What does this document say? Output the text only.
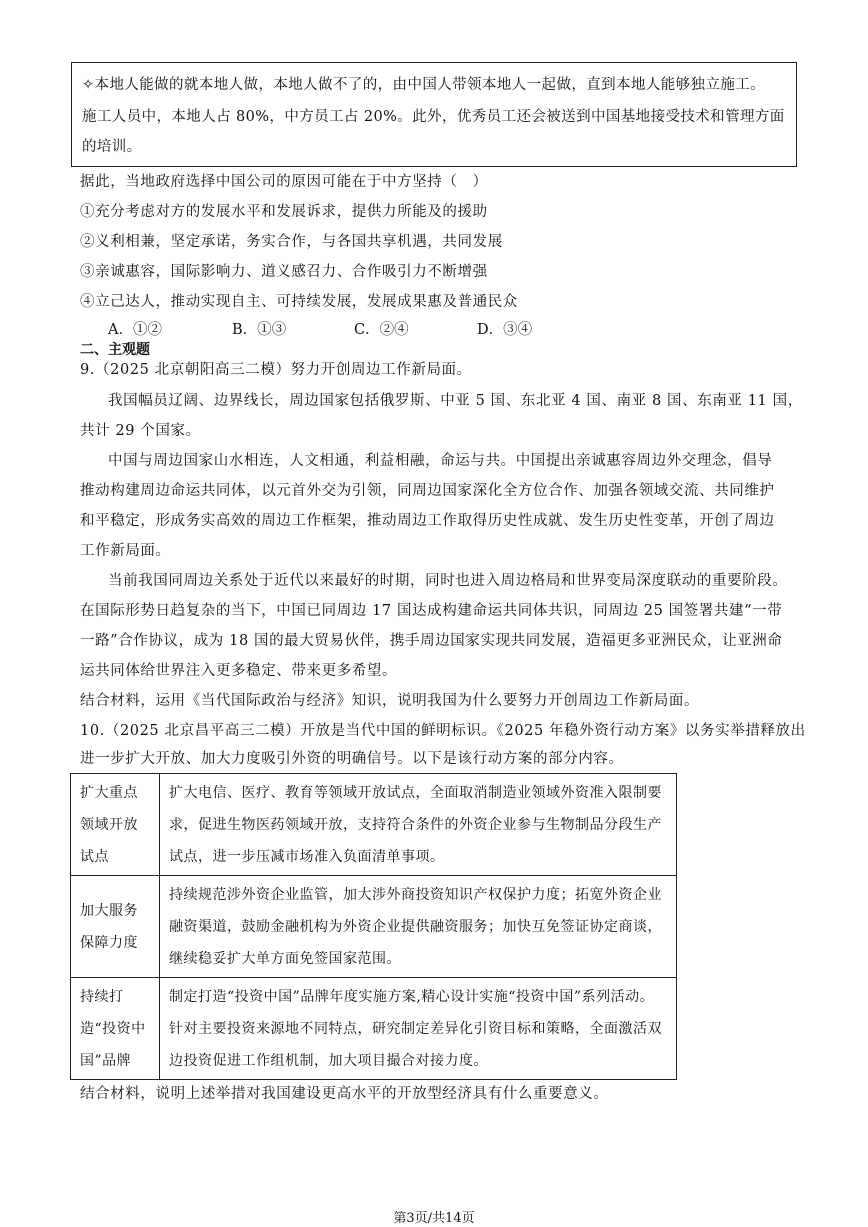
✧本地人能做的就本地人做，本地人做不了的，由中国人带领本地人一起做，直到本地人能够独立施工。
施工人员中，本地人占 80%，中方员工占 20%。此外，优秀员工还会被送到中国基地接受技术和管理方面
的培训。
据此，当地政府选择中国公司的原因可能在于中方坚持（　）
①充分考虑对方的发展水平和发展诉求，提供力所能及的援助
②义利相兼，坚定承诺，务实合作，与各国共享机遇，共同发展
③亲诚惠容，国际影响力、道义感召力、合作吸引力不断增强
④立己达人，推动实现自主、可持续发展，发展成果惠及普通民众
A．①②	B．①③	C．②④	D．③④
二、主观题
9.（2025 北京朝阳高三二模）努力开创周边工作新局面。
我国幅员辽阔、边界线长，周边国家包括俄罗斯、中亚 5 国、东北亚 4 国、南亚 8 国、东南亚 11 国，
共计 29 个国家。
中国与周边国家山水相连，人文相通，利益相融，命运与共。中国提出亲诚惠容周边外交理念，倡导
推动构建周边命运共同体，以元首外交为引领，同周边国家深化全方位合作、加强各领域交流、共同维护
和平稳定，形成务实高效的周边工作框架，推动周边工作取得历史性成就、发生历史性变革，开创了周边
工作新局面。
当前我国同周边关系处于近代以来最好的时期，同时也进入周边格局和世界变局深度联动的重要阶段。
在国际形势日趋复杂的当下，中国已同周边 17 国达成构建命运共同体共识，同周边 25 国签署共建“一带
一路”合作协议，成为 18 国的最大贸易伙伴，携手周边国家实现共同发展，造福更多亚洲民众，让亚洲命
运共同体给世界注入更多稳定、带来更多希望。
结合材料，运用《当代国际政治与经济》知识，说明我国为什么要努力开创周边工作新局面。
10.（2025 北京昌平高三二模）开放是当代中国的鲜明标识。《2025 年稳外资行动方案》以务实举措释放出
进一步扩大开放、加大力度吸引外资的明确信号。以下是该行动方案的部分内容。
扩大重点领域开放试点	扩大电信、医疗、教育等领域开放试点，全面取消制造业领域外资准入限制要求，促进生物医药领域开放，支持符合条件的外资企业参与生物制品分段生产试点，进一步压减市场准入负面清单事项。
加大服务保障力度	持续规范涉外资企业监管，加大涉外商投资知识产权保护力度；拓宽外资企业融资渠道，鼓励金融机构为外资企业提供融资服务；加快互免签证协定商谈，继续稳妥扩大单方面免签国家范围。
持续打造“投资中国”品牌	制定打造“投资中国”品牌年度实施方案,精心设计实施“投资中国”系列活动。针对主要投资来源地不同特点，研究制定差异化引资目标和策略，全面激活双边投资促进工作组机制，加大项目撮合对接力度。
结合材料，说明上述举措对我国建设更高水平的开放型经济具有什么重要意义。
第3页/共14页
